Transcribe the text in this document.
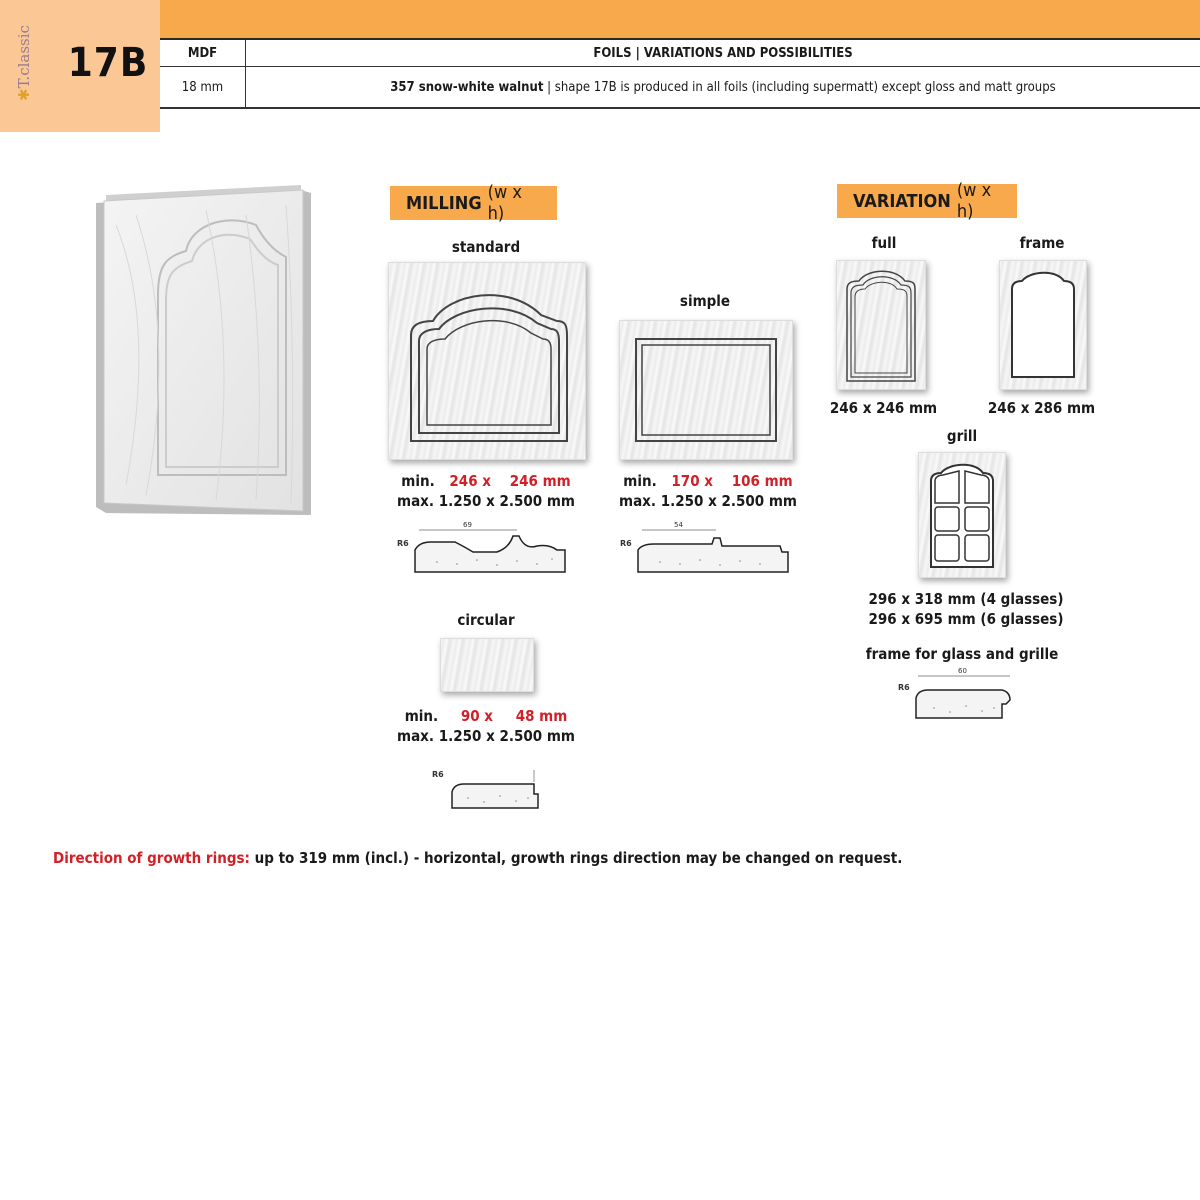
✱T.classic 17B	MDF	FOILS | VARIATIONS AND POSSIBILITIES
18 mm	357 snow-white walnut | shape 17B is produced in all foils (including supermatt) except gloss and matt groups
MILLING (w x h)
standard
min. 246 x 246 mm
max. 1.250 x 2.500 mm
R6
69
simple
min. 170 x 106 mm
max. 1.250 x 2.500 mm
R6
54
circular
min. 90 x 48 mm
max. 1.250 x 2.500 mm
R6
VARIATION (w x h)
full
246 x 246 mm
frame
246 x 286 mm
grill
296 x 318 mm (4 glasses)
296 x 695 mm (6 glasses)
frame for glass and grille
R6
60
Direction of growth rings: up to 319 mm (incl.) - horizontal, growth rings direction may be changed on request.
